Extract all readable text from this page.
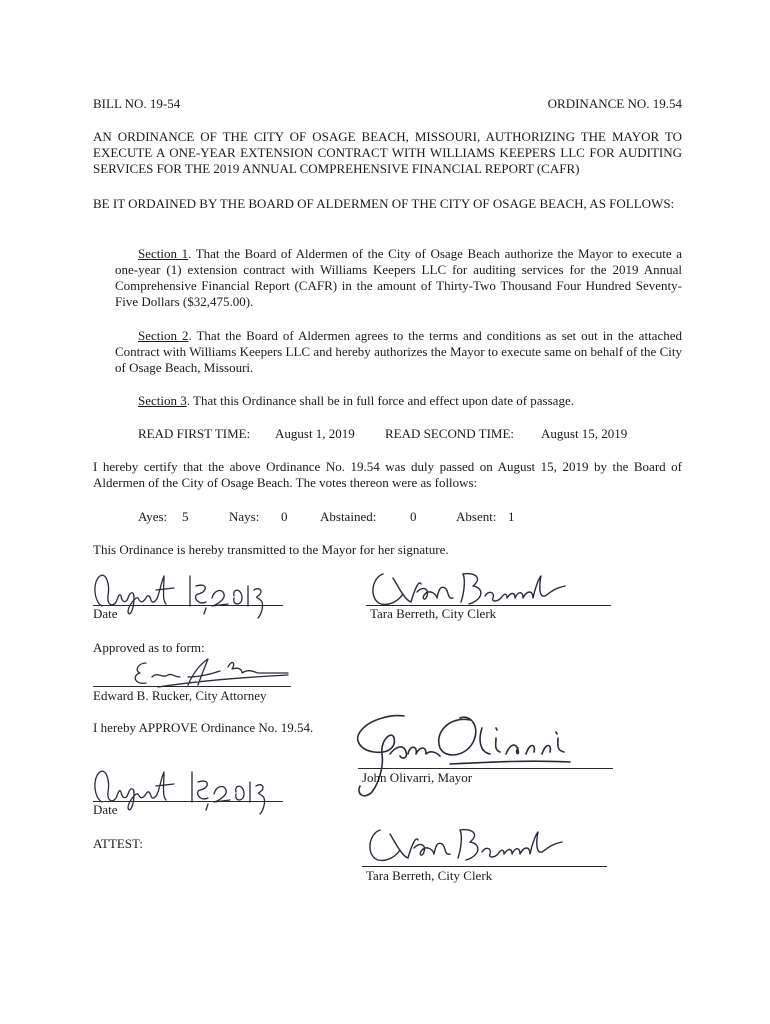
BILL NO. 19-54	ORDINANCE NO. 19.54
AN ORDINANCE OF THE CITY OF OSAGE BEACH, MISSOURI, AUTHORIZING THE MAYOR TO EXECUTE A ONE-YEAR EXTENSION CONTRACT WITH WILLIAMS KEEPERS LLC FOR AUDITING SERVICES FOR THE 2019 ANNUAL COMPREHENSIVE FINANCIAL REPORT (CAFR)
BE IT ORDAINED BY THE BOARD OF ALDERMEN OF THE CITY OF OSAGE BEACH, AS FOLLOWS:
Section 1. That the Board of Aldermen of the City of Osage Beach authorize the Mayor to execute a one-year (1) extension contract with Williams Keepers LLC for auditing services for the 2019 Annual Comprehensive Financial Report (CAFR) in the amount of Thirty-Two Thousand Four Hundred Seventy-Five Dollars ($32,475.00).
Section 2. That the Board of Aldermen agrees to the terms and conditions as set out in the attached Contract with Williams Keepers LLC and hereby authorizes the Mayor to execute same on behalf of the City of Osage Beach, Missouri.
Section 3. That this Ordinance shall be in full force and effect upon date of passage.
READ FIRST TIME: August 1, 2019 READ SECOND TIME: August 15, 2019
I hereby certify that the above Ordinance No. 19.54 was duly passed on August 15, 2019 by the Board of Aldermen of the City of Osage Beach. The votes thereon were as follows:
Ayes: 5	Nays: 0	Abstained:	0	Absent: 1
This Ordinance is hereby transmitted to the Mayor for her signature.
Date	Tara Berreth, City Clerk
Approved as to form:
Edward B. Rucker, City Attorney
I hereby APPROVE Ordinance No. 19.54.
John Olivarri, Mayor
Date
ATTEST:
Tara Berreth, City Clerk
